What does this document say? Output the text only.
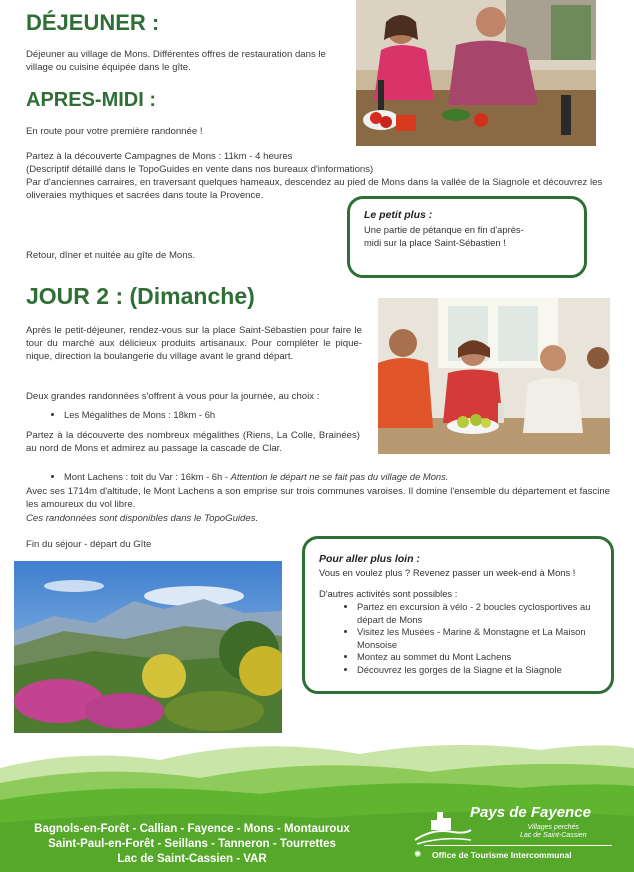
DÉJEUNER :

Déjeuner au village de Mons. Différentes offres de restauration dans le village ou cuisine équipée dans le gîte.

APRES-MIDI :

En route pour votre première randonnée !

Partez à la découverte Campagnes de Mons : 11km - 4 heures

(Descriptif détaillé dans le TopoGuides en vente dans nos bureaux d'informations)

Par d'anciennes carraires, en traversant quelques hameaux, descendez au pied de Mons dans la vallée de la Siagnole et découvrez les oliveraies mythiques et sacrées dans toute la Provence.

Retour, dîner et nuitée au gîte de Mons.

Le petit plus :
Une partie de pétanque en fin d'après-midi sur la place Saint-Sébastien !
JOUR 2 : (Dimanche)

Après le petit-déjeuner, rendez-vous sur la place Saint-Sébastien pour faire le tour du marché aux délicieux produits artisanaux. Pour compléter le pique-nique, direction la boulangerie du village avant le grand départ.

Deux grandes randonnées s'offrent à vous pour la journée, au choix :

• Les Mégalithes de Mons : 18km - 6h

Partez à la découverte des nombreux mégalithes (Riens, La Colle, Brainées) au nord de Mons et admirez au passage la cascade de Clar.

• Mont Lachens : toit du Var : 16km - 6h - Attention le départ ne se fait pas du village de Mons.

Avec ses 1714m d'altitude, le Mont Lachens a son emprise sur trois communes varoises. Il domine l'ensemble du département et fascine les amoureux du vol libre.

Ces randonnées sont disponibles dans le TopoGuides.

Fin du séjour - départ du Gîte

Pour aller plus loin :
Vous en voulez plus ? Revenez passer un week-end à Mons !
D'autres activités sont possibles :
• Partez en excursion à vélo - 2 boucles cyclosportives au départ de Mons
• Visitez les Musées - Marine & Monstagne et La Maison Monsoise
• Montez au sommet du Mont Lachens
• Découvrez les gorges de la Siagne et la Siagnole
Bagnols-en-Forêt - Callian - Fayence - Mons - Montauroux
Saint-Paul-en-Forêt - Seillans - Tanneron - Tourrettes
Lac de Saint-Cassien - VAR
Pays de Fayence
Villages perchés
Lac de Saint-Cassien
✺ Office de Tourisme Intercommunal
